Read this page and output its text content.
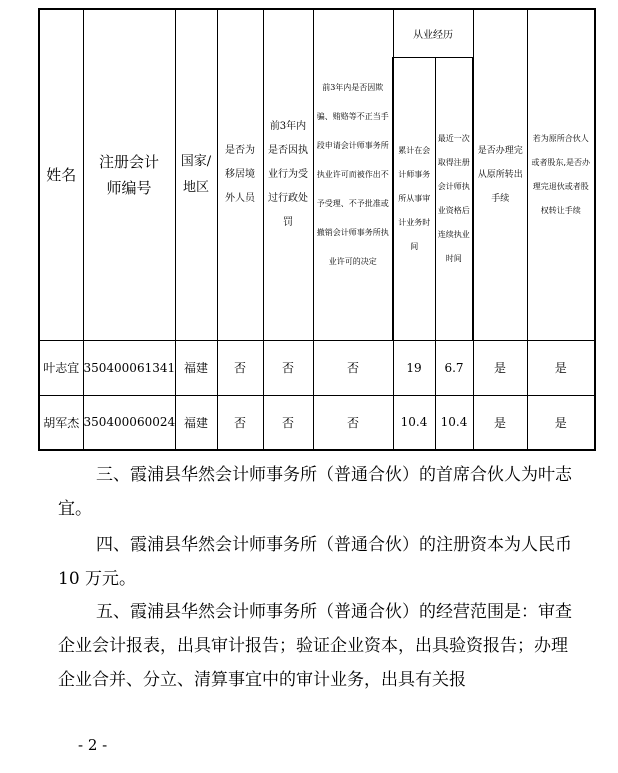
姓名	注册会计师编号	国家/地区	是否为移居境外人员	前3年内是否因执业行为受过行政处罚	前3年内是否因欺骗、贿赂等不正当手段申请会计师事务所执业许可而被作出不予受理、不予批准或撤销会计师事务所执业许可的决定	从业经历		是否办理完从原所转出手续	若为原所合伙人或者股东,是否办理完退伙或者股权转让手续
						累计在会计师事务所从事审计业务时间	最近一次取得注册会计师执业资格后连续执业时间		
叶志宜	350400061341	福建	否	否	否	19	6.7	是	是
胡军杰	350400060024	福建	否	否	否	10.4	10.4	是	是
三、霞浦县华然会计师事务所（普通合伙）的首席合伙人为叶志宜。
四、霞浦县华然会计师事务所（普通合伙）的注册资本为人民币 10 万元。
五、霞浦县华然会计师事务所（普通合伙）的经营范围是：审查企业会计报表，出具审计报告；验证企业资本，出具验资报告；办理企业合并、分立、清算事宜中的审计业务，出具有关报
- 2 -
